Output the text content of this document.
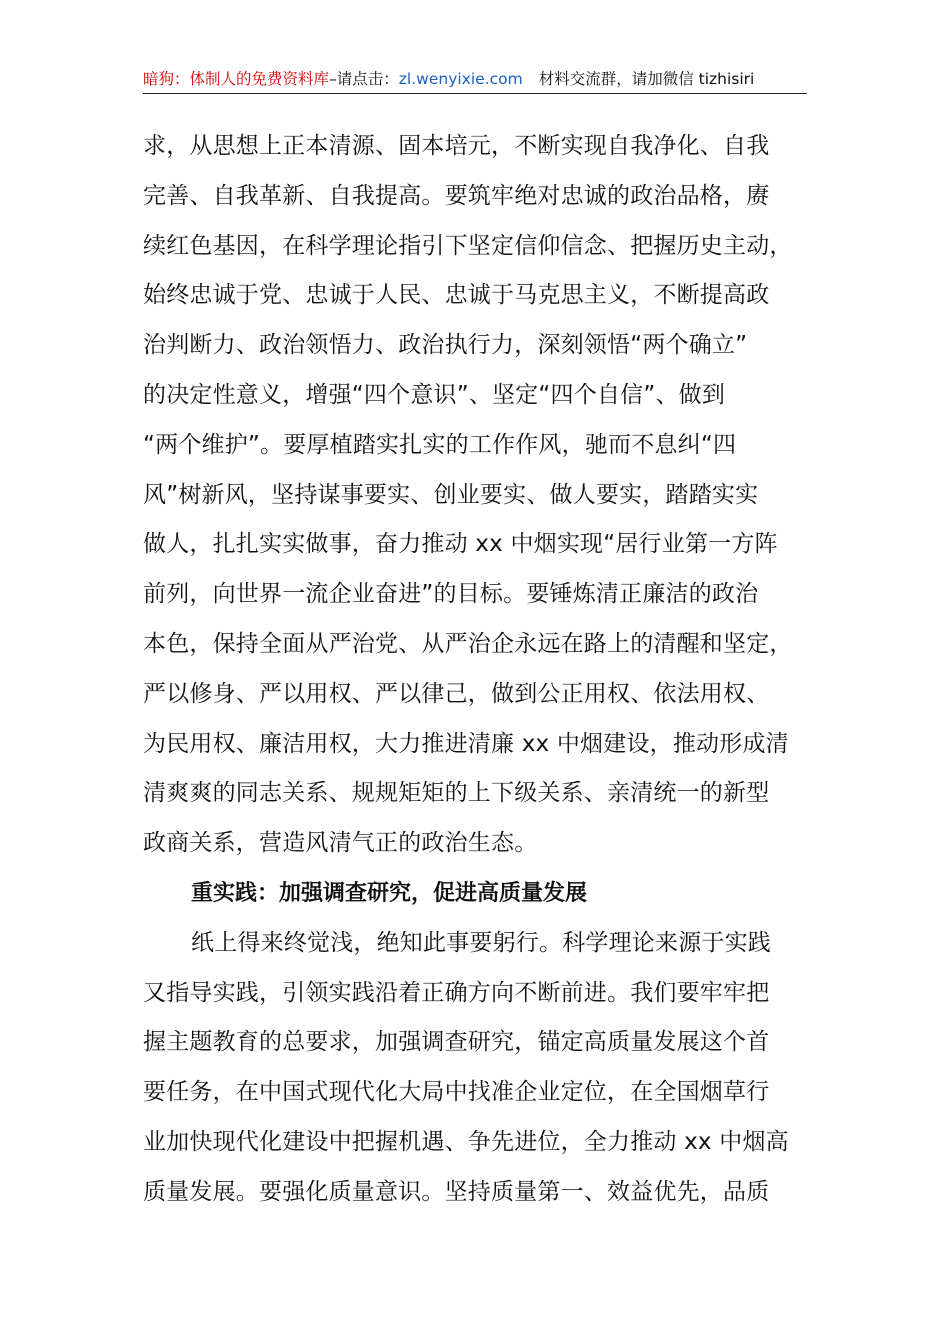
暗狗：体制人的免费资料库–请点击：zl.wenyixie.com 材料交流群，请加微信 tizhisiri

求，从思想上正本清源、固本培元，不断实现自我净化、自我
完善、自我革新、自我提高。要筑牢绝对忠诚的政治品格，赓
续红色基因，在科学理论指引下坚定信仰信念、把握历史主动，
始终忠诚于党、忠诚于人民、忠诚于马克思主义，不断提高政
治判断力、政治领悟力、政治执行力，深刻领悟“两个确立”
的决定性意义，增强“四个意识”、坚定“四个自信”、做到
“两个维护”。要厚植踏实扎实的工作作风，驰而不息纠“四
风”树新风，坚持谋事要实、创业要实、做人要实，踏踏实实
做人，扎扎实实做事，奋力推动 xx 中烟实现“居行业第一方阵
前列，向世界一流企业奋进”的目标。要锤炼清正廉洁的政治
本色，保持全面从严治党、从严治企永远在路上的清醒和坚定，
严以修身、严以用权、严以律己，做到公正用权、依法用权、
为民用权、廉洁用权，大力推进清廉 xx 中烟建设，推动形成清
清爽爽的同志关系、规规矩矩的上下级关系、亲清统一的新型
政商关系，营造风清气正的政治生态。

重实践：加强调查研究，促进高质量发展

纸上得来终觉浅，绝知此事要躬行。科学理论来源于实践
又指导实践，引领实践沿着正确方向不断前进。我们要牢牢把
握主题教育的总要求，加强调查研究，锚定高质量发展这个首
要任务，在中国式现代化大局中找准企业定位，在全国烟草行
业加快现代化建设中把握机遇、争先进位，全力推动 xx 中烟高
质量发展。要强化质量意识。坚持质量第一、效益优先，品质
